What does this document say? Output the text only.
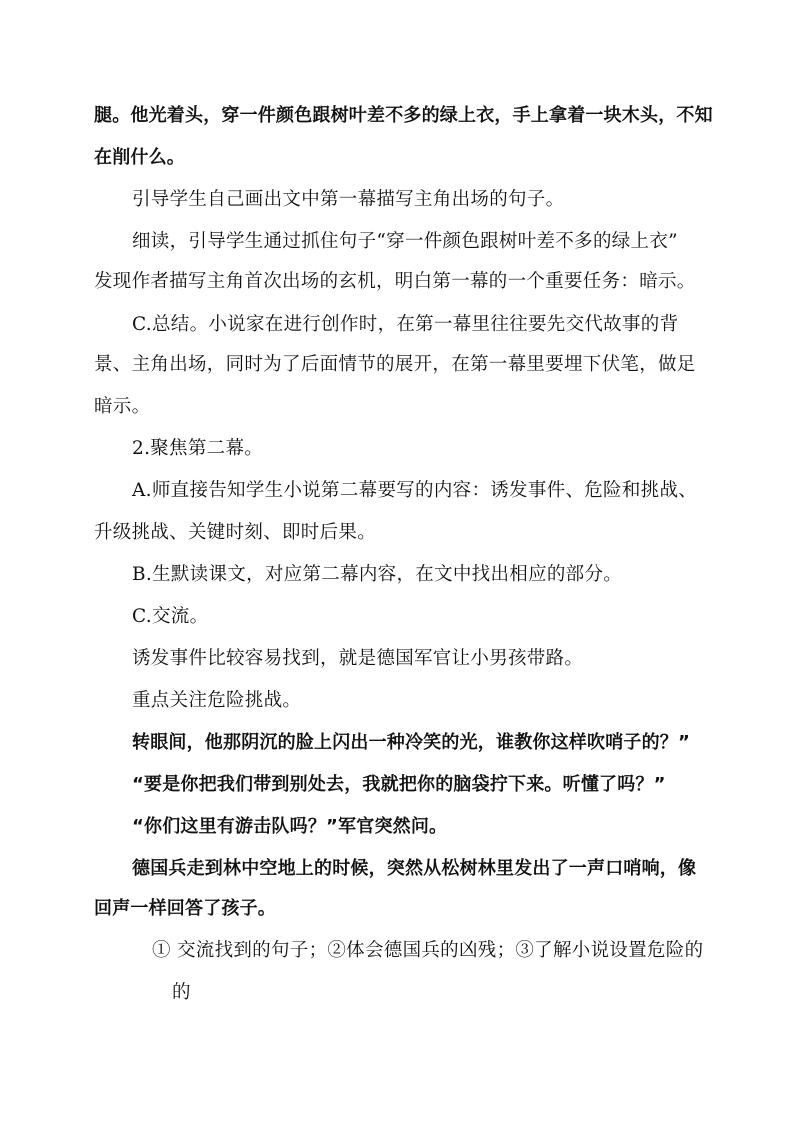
腿。他光着头，穿一件颜色跟树叶差不多的绿上衣，手上拿着一块木头，不知
在削什么。
引导学生自己画出文中第一幕描写主角出场的句子。
细读，引导学生通过抓住句子“穿一件颜色跟树叶差不多的绿上衣”
发现作者描写主角首次出场的玄机，明白第一幕的一个重要任务：暗示。
C.总结。小说家在进行创作时，在第一幕里往往要先交代故事的背
景、主角出场，同时为了后面情节的展开，在第一幕里要埋下伏笔，做足
暗示。
2.聚焦第二幕。
A.师直接告知学生小说第二幕要写的内容：诱发事件、危险和挑战、
升级挑战、关键时刻、即时后果。
B.生默读课文，对应第二幕内容，在文中找出相应的部分。
C.交流。
诱发事件比较容易找到，就是德国军官让小男孩带路。
重点关注危险挑战。
转眼间，他那阴沉的脸上闪出一种冷笑的光，谁教你这样吹哨子的？”
“要是你把我们带到别处去，我就把你的脑袋拧下来。听懂了吗？”
“你们这里有游击队吗？”军官突然问。
德国兵走到林中空地上的时候，突然从松树林里发出了一声口哨响，像
回声一样回答了孩子。
① 交流找到的句子；②体会德国兵的凶残；③了解小说设置危险的
的
